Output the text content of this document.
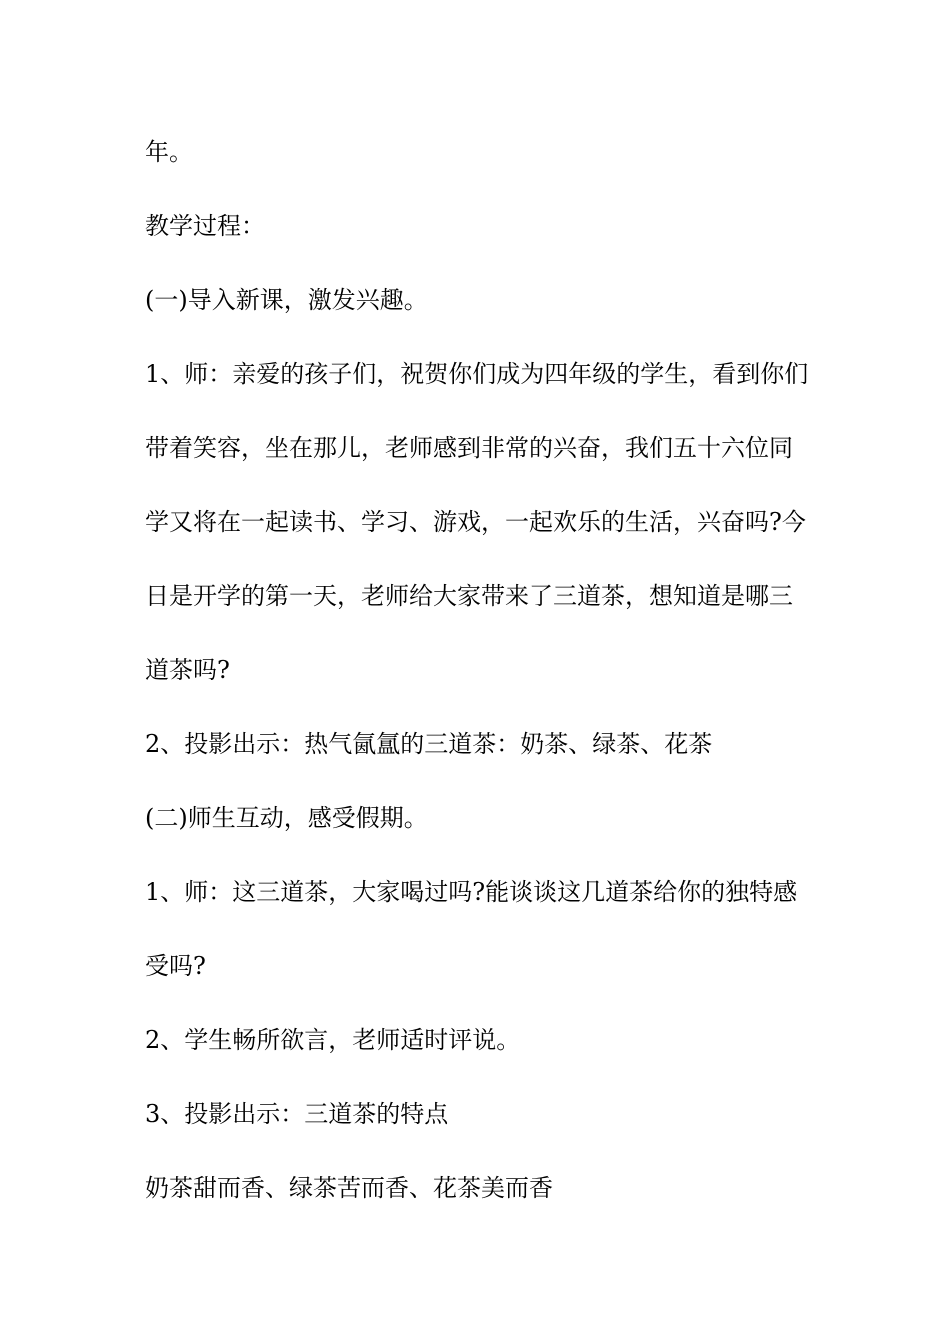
年。
教学过程：
(一)导入新课，激发兴趣。
1、师：亲爱的孩子们，祝贺你们成为四年级的学生，看到你们
带着笑容，坐在那儿，老师感到非常的兴奋，我们五十六位同
学又将在一起读书、学习、游戏，一起欢乐的生活，兴奋吗?今
日是开学的第一天，老师给大家带来了三道茶，想知道是哪三
道茶吗?
2、投影出示：热气氤氲的三道茶：奶茶、绿茶、花茶
(二)师生互动，感受假期。
1、师：这三道茶，大家喝过吗?能谈谈这几道茶给你的独特感
受吗?
2、学生畅所欲言，老师适时评说。
3、投影出示：三道茶的特点
奶茶甜而香、绿茶苦而香、花茶美而香
